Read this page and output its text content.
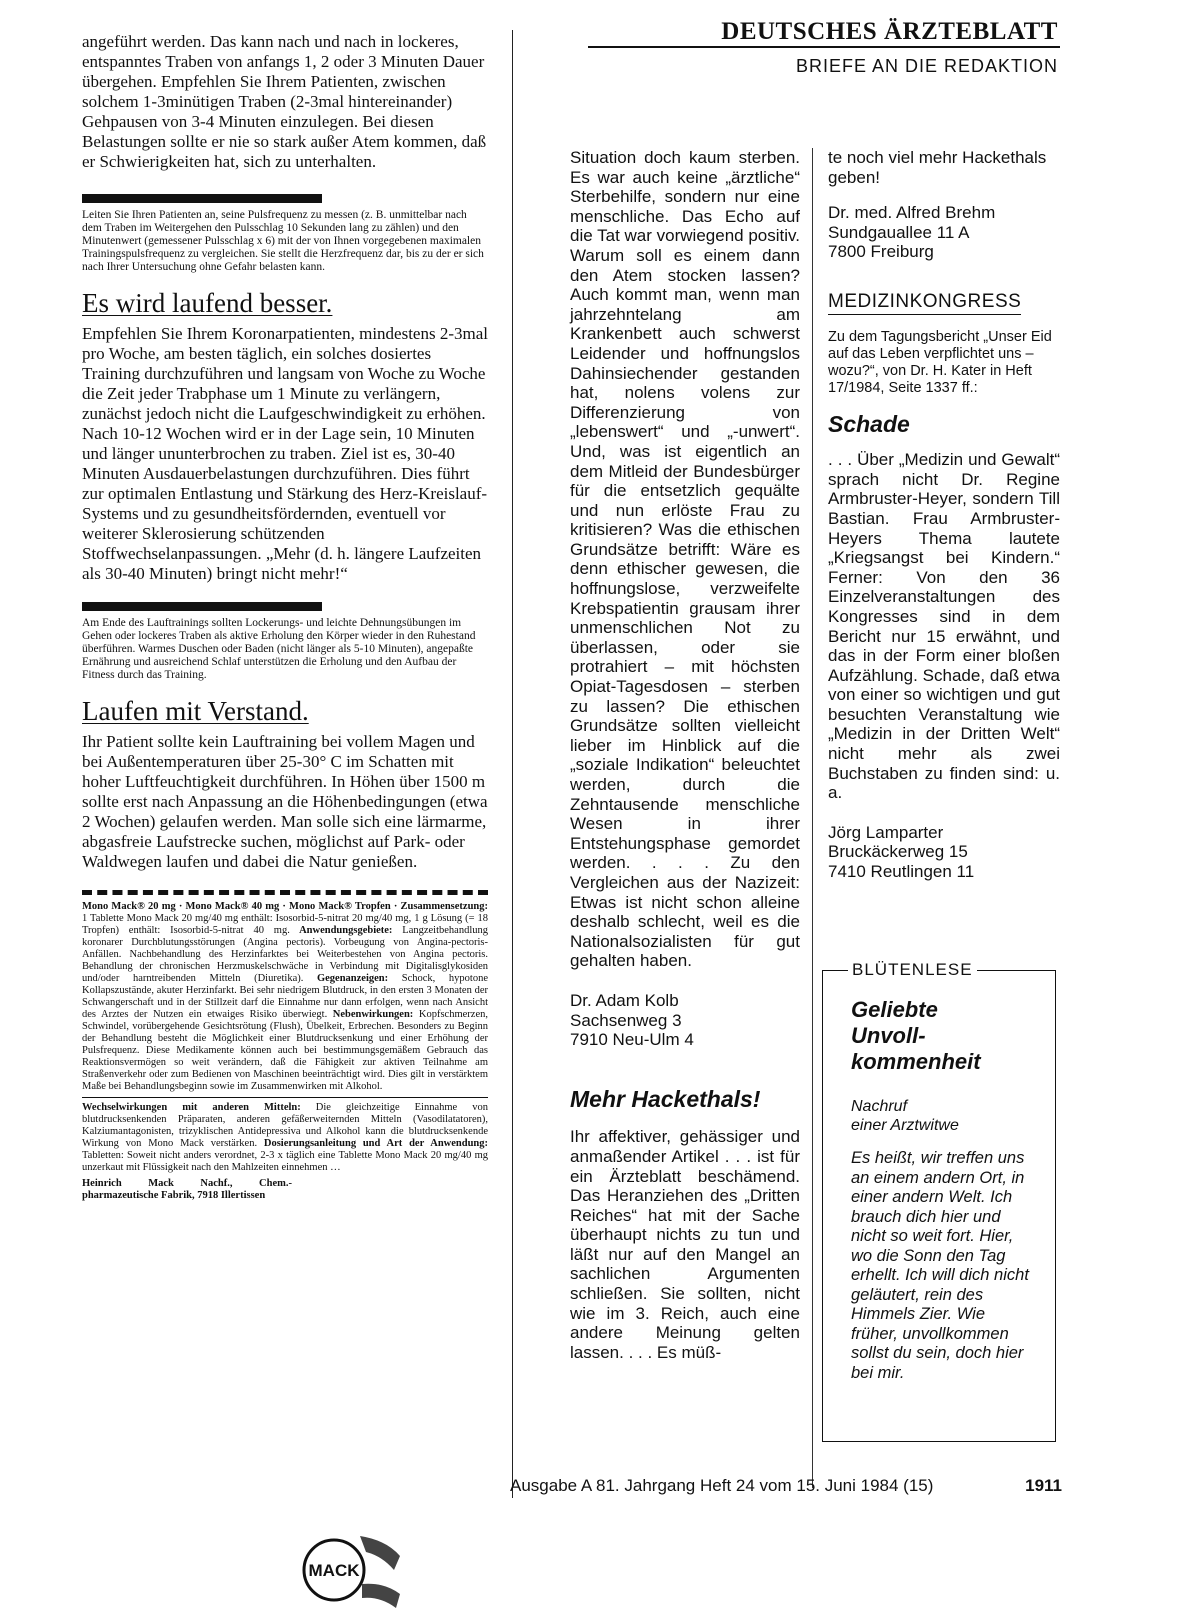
angeführt werden. Das kann nach und nach in lockeres, entspanntes Traben von anfangs 1, 2 oder 3 Minuten Dauer übergehen. Empfehlen Sie Ihrem Patienten, zwischen solchem 1-3minütigen Traben (2-3mal hintereinander) Gehpausen von 3-4 Minuten einzulegen. Bei diesen Belastungen sollte er nie so stark außer Atem kommen, daß er Schwierigkeiten hat, sich zu unterhalten.

Leiten Sie Ihren Patienten an, seine Pulsfrequenz zu messen (z. B. unmittelbar nach dem Traben im Weitergehen den Pulsschlag 10 Sekunden lang zu zählen) und den Minutenwert (gemessener Pulsschlag x 6) mit der von Ihnen vorgegebenen maximalen Trainingspulsfrequenz zu vergleichen. Sie stellt die Herzfrequenz dar, bis zu der er sich nach Ihrer Untersuchung ohne Gefahr belasten kann.

Es wird laufend besser.

Empfehlen Sie Ihrem Koronarpatienten, mindestens 2-3mal pro Woche, am besten täglich, ein solches dosiertes Training durchzuführen und langsam von Woche zu Woche die Zeit jeder Trabphase um 1 Minute zu verlängern, zunächst jedoch nicht die Laufgeschwindigkeit zu erhöhen. Nach 10-12 Wochen wird er in der Lage sein, 10 Minuten und länger ununterbrochen zu traben. Ziel ist es, 30-40 Minuten Ausdauerbelastungen durchzuführen. Dies führt zur optimalen Entlastung und Stärkung des Herz-Kreislauf-Systems und zu gesundheitsfördernden, eventuell vor weiterer Sklerosierung schützenden Stoffwechselanpassungen. „Mehr (d. h. längere Laufzeiten als 30-40 Minuten) bringt nicht mehr!“

Am Ende des Lauftrainings sollten Lockerungs- und leichte Dehnungsübungen im Gehen oder lockeres Traben als aktive Erholung den Körper wieder in den Ruhestand überführen. Warmes Duschen oder Baden (nicht länger als 5-10 Minuten), angepaßte Ernährung und ausreichend Schlaf unterstützen die Erholung und den Aufbau der Fitness durch das Training.

Laufen mit Verstand.

Ihr Patient sollte kein Lauftraining bei vollem Magen und bei Außentemperaturen über 25-30° C im Schatten mit hoher Luftfeuchtigkeit durchführen. In Höhen über 1500 m sollte erst nach Anpassung an die Höhenbedingungen (etwa 2 Wochen) gelaufen werden. Man solle sich eine lärmarme, abgasfreie Laufstrecke suchen, möglichst auf Park- oder Waldwegen laufen und dabei die Natur genießen.

Mono Mack® 20 mg · Mono Mack® 40 mg · Mono Mack® Tropfen · Zusammensetzung: 1 Tablette Mono Mack 20 mg/40 mg enthält: Isosorbid-5-nitrat 20 mg/40 mg, 1 g Lösung (= 18 Tropfen) enthält: Isosorbid-5-nitrat 40 mg. Anwendungsgebiete: Langzeitbehandlung koronarer Durchblutungsstörungen (Angina pectoris). Vorbeugung von Angina-pectoris-Anfällen. Nachbehandlung des Herzinfarktes bei Weiterbestehen von Angina pectoris. Behandlung der chronischen Herzmuskelschwäche in Verbindung mit Digitalisglykosiden und/oder harntreibenden Mitteln (Diuretika). Gegenanzeigen: Schock, hypotone Kollapszustände, akuter Herzinfarkt. Bei sehr niedrigem Blutdruck, in den ersten 3 Monaten der Schwangerschaft und in der Stillzeit darf die Einnahme nur dann erfolgen, wenn nach Ansicht des Arztes der Nutzen ein etwaiges Risiko überwiegt. Nebenwirkungen: Kopfschmerzen, Schwindel, vorübergehende Gesichtsrötung (Flush), Übelkeit, Erbrechen. Besonders zu Beginn der Behandlung besteht die Möglichkeit einer Blutdrucksenkung und einer Erhöhung der Pulsfrequenz. Diese Medikamente können auch bei bestimmungsgemäßem Gebrauch das Reaktionsvermögen so weit verändern, daß die Fähigkeit zur aktiven Teilnahme am Straßenverkehr oder zum Bedienen von Maschinen beeinträchtigt wird. Dies gilt in verstärktem Maße bei Behandlungsbeginn sowie im Zusammenwirken mit Alkohol.

Wechselwirkungen mit anderen Mitteln: Die gleichzeitige Einnahme von blutdrucksenkenden Präparaten, anderen gefäßerweiternden Mitteln (Vasodilatatoren), Kalziumantagonisten, trizyklischen Antidepressiva und Alkohol kann die blutdrucksenkende Wirkung von Mono Mack verstärken. Dosierungsanleitung und Art der Anwendung: Tabletten: Soweit nicht anders verordnet, 2-3 x täglich eine Tablette Mono Mack 20 mg/40 mg unzerkaut mit Flüssigkeit nach den Mahlzeiten einnehmen …

Heinrich Mack Nachf., Chem.-pharmazeutische Fabrik, 7918 Illertissen

MACK
DEUTSCHES ÄRZTEBLATT
BRIEFE AN DIE REDAKTION

Situation doch kaum sterben. Es war auch keine „ärztliche“ Sterbehilfe, sondern nur eine menschliche. Das Echo auf die Tat war vorwiegend positiv. Warum soll es einem dann den Atem stocken lassen? Auch kommt man, wenn man jahrzehntelang am Krankenbett auch schwerst Leidender und hoffnungslos Dahinsiechender gestanden hat, nolens volens zur Differenzierung von „lebenswert“ und „-unwert“. Und, was ist eigentlich an dem Mitleid der Bundesbürger für die entsetzlich gequälte und nun erlöste Frau zu kritisieren? Was die ethischen Grundsätze betrifft: Wäre es denn ethischer gewesen, die hoffnungslose, verzweifelte Krebspatientin grausam ihrer unmenschlichen Not zu überlassen, oder sie protrahiert – mit höchsten Opiat-Tagesdosen – sterben zu lassen? Die ethischen Grundsätze sollten vielleicht lieber im Hinblick auf die „soziale Indikation“ beleuchtet werden, durch die Zehntausende menschliche Wesen in ihrer Entstehungsphase gemordet werden. . . . Zu den Vergleichen aus der Nazizeit: Etwas ist nicht schon alleine deshalb schlecht, weil es die Nationalsozialisten für gut gehalten haben.

Dr. Adam Kolb
Sachsenweg 3
7910 Neu-Ulm 4
Mehr Hackethals!

Ihr affektiver, gehässiger und anmaßender Artikel . . . ist für ein Ärzteblatt beschämend. Das Heranziehen des „Dritten Reiches“ hat mit der Sache überhaupt nichts zu tun und läßt nur auf den Mangel an sachlichen Argumenten schließen. Sie sollten, nicht wie im 3. Reich, auch eine andere Meinung gelten lassen. . . . Es müß-

te noch viel mehr Hackethals geben!

Dr. med. Alfred Brehm
Sundgauallee 11 A
7800 Freiburg
MEDIZINKONGRESS

Zu dem Tagungsbericht „Unser Eid auf das Leben verpflichtet uns – wozu?“, von Dr. H. Kater in Heft 17/1984, Seite 1337 ff.:

Schade

. . . Über „Medizin und Gewalt“ sprach nicht Dr. Regine Armbruster-Heyer, sondern Till Bastian. Frau Armbruster-Heyers Thema lautete „Kriegsangst bei Kindern.“ Ferner: Von den 36 Einzelveranstaltungen des Kongresses sind in dem Bericht nur 15 erwähnt, und das in der Form einer bloßen Aufzählung. Schade, daß etwa von einer so wichtigen und gut besuchten Veranstaltung wie „Medizin in der Dritten Welt“ nicht mehr als zwei Buchstaben zu finden sind: u. a.

Jörg Lamparter
Bruckäckerweg 15
7410 Reutlingen 11
Geliebte
Unvoll-
kommenheit
Nachruf
einer Arztwitwe

Es heißt, wir treffen uns an einem andern Ort, in einer andern Welt. Ich brauch dich hier und nicht so weit fort. Hier, wo die Sonn den Tag erhellt. Ich will dich nicht geläutert, rein des Himmels Zier. Wie früher, unvollkommen sollst du sein, doch hier bei mir.

BLÜTENLESE
Ausgabe A 81. Jahrgang Heft 24 vom 15. Juni 1984 (15)	1911
